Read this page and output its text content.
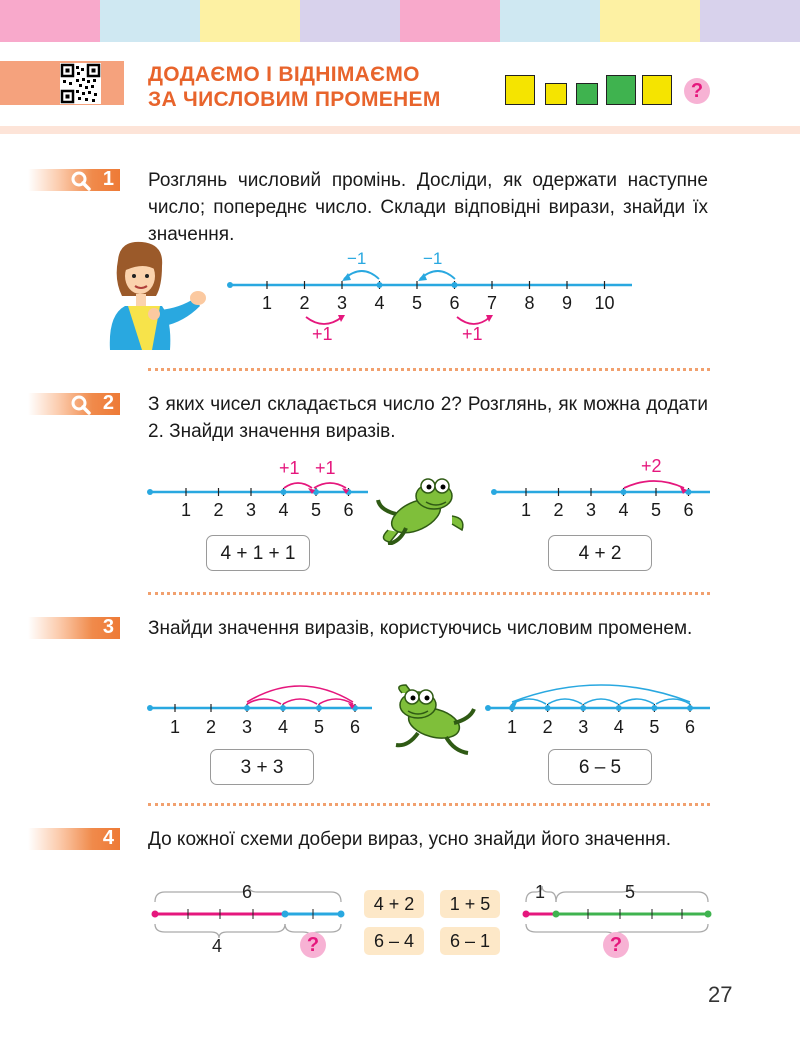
ДОДАЄМО І ВІДНІМАЄМО
ЗА ЧИСЛОВИМ ПРОМЕНЕМ	?
1 Розглянь числовий промінь. Досліди, як одержати наступне число; попереднє число. Склади відповідні вирази, знайди їх значення.
1 2 3 4 5 6 7 8 9 10
−1	−1
+1	+1
2 З яких чисел складається число 2? Розглянь, як можна додати 2. Знайди значення виразів.
1 2 3 4 5 6
+1 +1
4 + 1 + 1
1 2 3 4 5 6
+2
4 + 2
3 Знайди значення виразів, користуючись числовим променем.
1 2 3 4 5 6
3 + 3
1 2 3 4 5 6
6 – 5
4 До кожної схеми добери вираз, усно знайди його значення.
6
4	?
4 + 2	1 + 5
6 – 4	6 – 1
1	5
?
27
